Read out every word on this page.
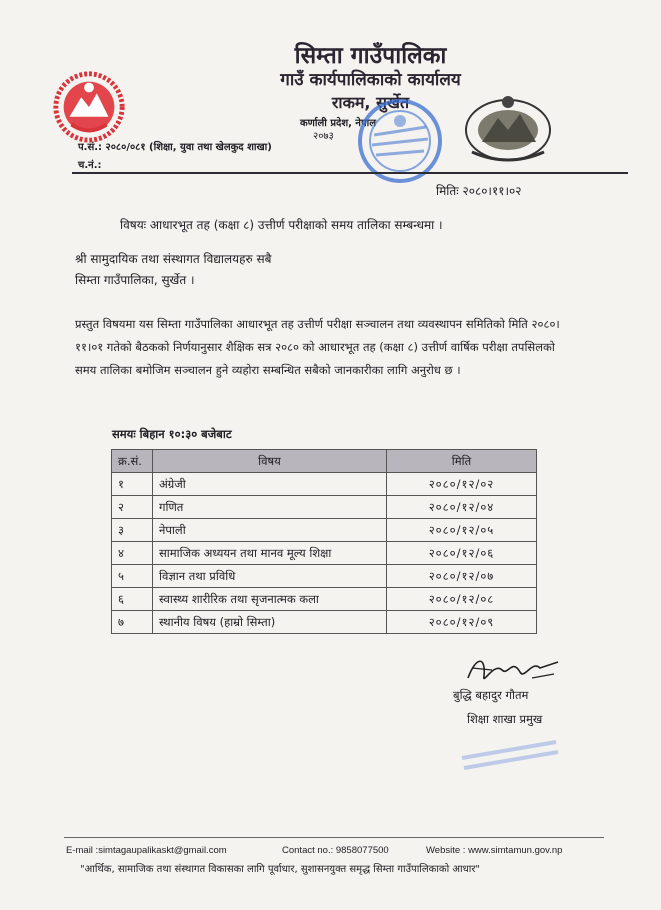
सिम्ता गाउँपालिका
गाउँ कार्यपालिकाको कार्यालय
राकम, सुर्खेत
कर्णाली प्रदेश, नेपाल
२०७३
प.सं.: २०८०/०८१ (शिक्षा, युवा तथा खेलकुद शाखा)
च.नं.:
मितिः २०८०।११।०२
विषयः आधारभूत तह (कक्षा ८) उत्तीर्ण परीक्षाको समय तालिका सम्बन्धमा ।
श्री सामुदायिक तथा संस्थागत विद्यालयहरु सबै
सिम्ता गाउँपालिका, सुर्खेत ।
प्रस्तुत विषयमा यस सिम्ता गाउँपालिका आधारभूत तह उत्तीर्ण परीक्षा सञ्चालन तथा व्यवस्थापन समितिको मिति २०८०।११।०१ गतेको बैठकको निर्णयानुसार शैक्षिक सत्र २०८० को आधारभूत तह (कक्षा ८) उत्तीर्ण वार्षिक परीक्षा तपसिलको समय तालिका बमोजिम सञ्चालन हुने व्यहोरा सम्बन्धित सबैको जानकारीका लागि अनुरोध छ ।
समयः बिहान १०:३० बजेबाट
क्र.सं.	विषय	मिति
१	अंग्रेजी	२०८०/१२/०२
२	गणित	२०८०/१२/०४
३	नेपाली	२०८०/१२/०५
४	सामाजिक अध्ययन तथा मानव मूल्य शिक्षा	२०८०/१२/०६
५	विज्ञान तथा प्रविधि	२०८०/१२/०७
६	स्वास्थ्य शारीरिक तथा सृजनात्मक कला	२०८०/१२/०८
७	स्थानीय विषय (हाम्रो सिम्ता)	२०८०/१२/०९
बुद्धि बहादुर गौतम
शिक्षा शाखा प्रमुख
E-mail :simtagaupalikaskt@gmail.com	Contact no.: 9858077500	Website : www.simtamun.gov.np
"आर्थिक, सामाजिक तथा संस्थागत विकासका लागि पूर्वाधार, सुशासनयुक्त समृद्ध सिम्ता गाउँपालिकाको आधार"
